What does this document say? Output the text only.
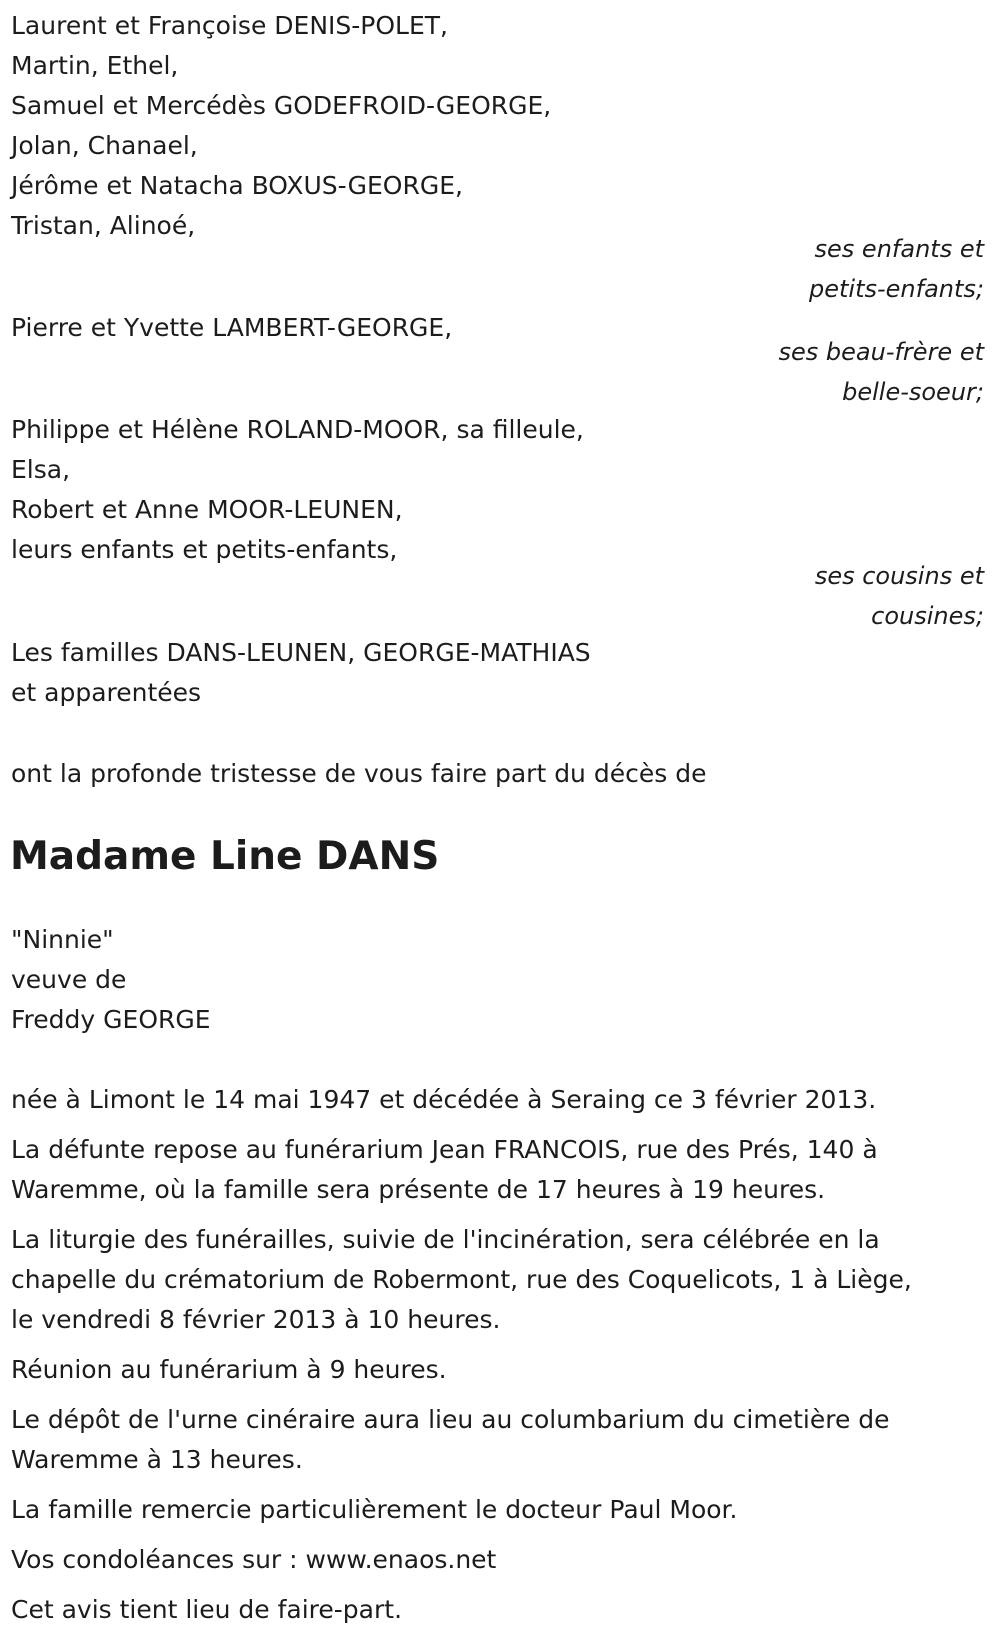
Laurent et Françoise DENIS-POLET,
Martin, Ethel,
Samuel et Mercédès GODEFROID-GEORGE,
Jolan, Chanael,
Jérôme et Natacha BOXUS-GEORGE,
Tristan, Alinoé,
ses enfants et
petits-enfants;
Pierre et Yvette LAMBERT-GEORGE,
ses beau-frère et
belle-soeur;
Philippe et Hélène ROLAND-MOOR, sa filleule,
Elsa,
Robert et Anne MOOR-LEUNEN,
leurs enfants et petits-enfants,
ses cousins et
cousines;
Les familles DANS-LEUNEN, GEORGE-MATHIAS
et apparentées
ont la profonde tristesse de vous faire part du décès de
Madame Line DANS
"Ninnie"
veuve de
Freddy GEORGE
née à Limont le 14 mai 1947 et décédée à Seraing ce 3 février 2013.
La défunte repose au funérarium Jean FRANCOIS, rue des Prés, 140 à
Waremme, où la famille sera présente de 17 heures à 19 heures.
La liturgie des funérailles, suivie de l'incinération, sera célébrée en la
chapelle du crématorium de Robermont, rue des Coquelicots, 1 à Liège,
le vendredi 8 février 2013 à 10 heures.
Réunion au funérarium à 9 heures.
Le dépôt de l'urne cinéraire aura lieu au columbarium du cimetière de
Waremme à 13 heures.
La famille remercie particulièrement le docteur Paul Moor.
Vos condoléances sur : www.enaos.net
Cet avis tient lieu de faire-part.
